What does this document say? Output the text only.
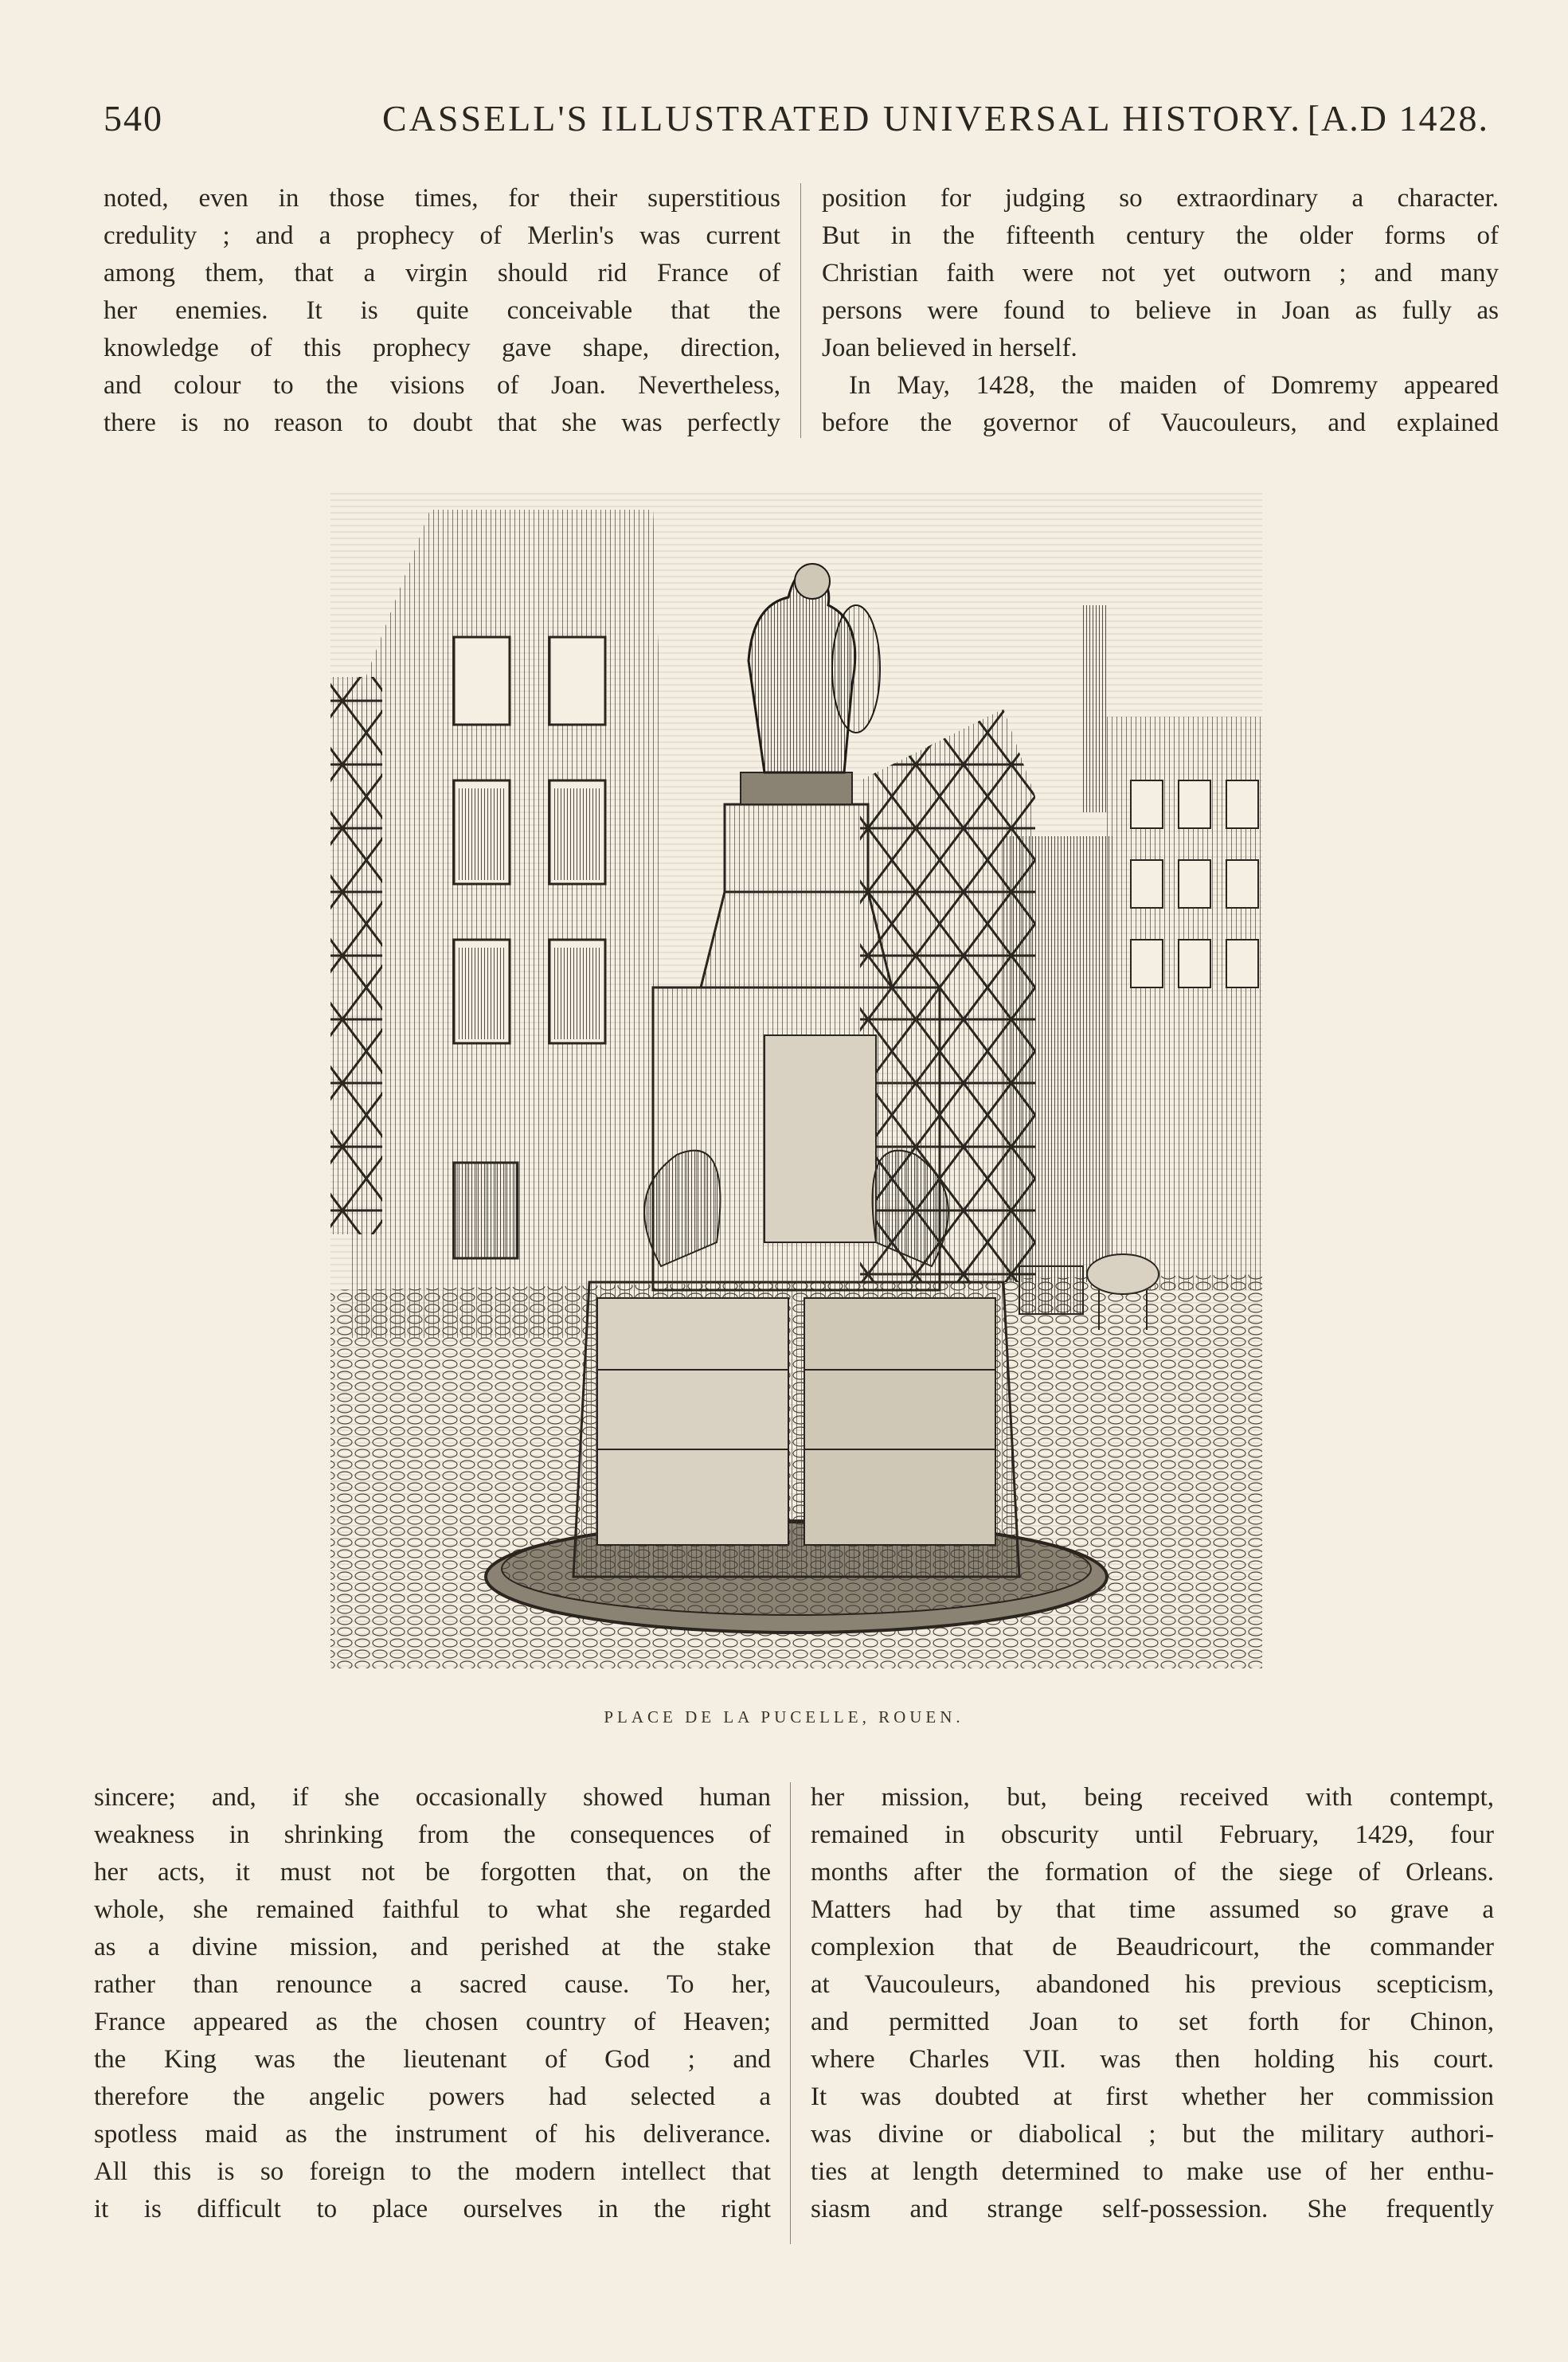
540	CASSELL'S ILLUSTRATED UNIVERSAL HISTORY. [A.D 1428.
noted, even in those times, for their superstitious
credulity ; and a prophecy of Merlin's was current
among them, that a virgin should rid France of
her enemies. It is quite conceivable that the
knowledge of this prophecy gave shape, direction,
and colour to the visions of Joan. Nevertheless,
there is no reason to doubt that she was perfectly
position for judging so extraordinary a character.
But in the fifteenth century the older forms of
Christian faith were not yet outworn ; and many
persons were found to believe in Joan as fully as
Joan believed in herself.
In May, 1428, the maiden of Domremy appeared
before the governor of Vaucouleurs, and explained
PLACE DE LA PUCELLE, ROUEN.
sincere; and, if she occasionally showed human
weakness in shrinking from the consequences of
her acts, it must not be forgotten that, on the
whole, she remained faithful to what she regarded
as a divine mission, and perished at the stake
rather than renounce a sacred cause. To her,
France appeared as the chosen country of Heaven;
the King was the lieutenant of God ; and
therefore the angelic powers had selected a
spotless maid as the instrument of his deliverance.
All this is so foreign to the modern intellect that
it is difficult to place ourselves in the right
her mission, but, being received with contempt,
remained in obscurity until February, 1429, four
months after the formation of the siege of Orleans.
Matters had by that time assumed so grave a
complexion that de Beaudricourt, the commander
at Vaucouleurs, abandoned his previous scepticism,
and permitted Joan to set forth for Chinon,
where Charles VII. was then holding his court.
It was doubted at first whether her commission
was divine or diabolical ; but the military authori-
ties at length determined to make use of her enthu-
siasm and strange self-possession. She frequently
